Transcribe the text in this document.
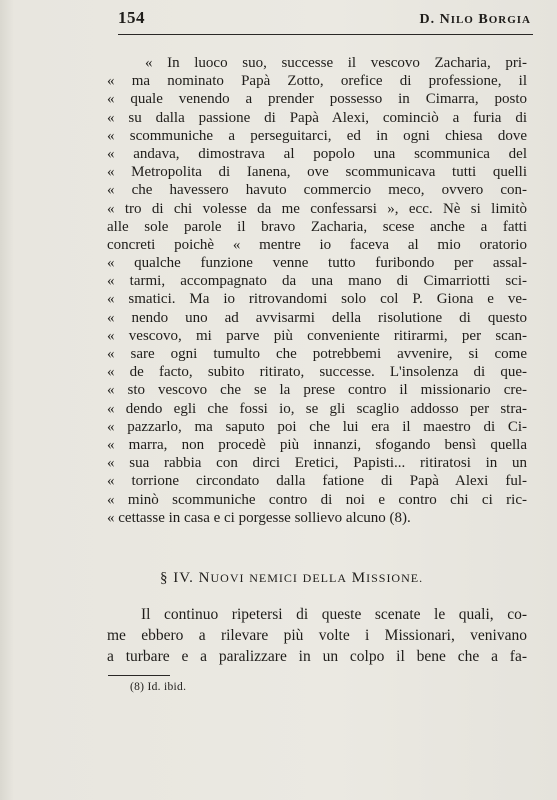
154	D. NILO BORGIA
« In luoco suo, successe il vescovo Zacharia, pri-
« ma nominato Papà Zotto, orefice di professione, il
« quale venendo a prender possesso in Cimarra, posto
« su dalla passione di Papà Alexi, cominciò a furia di
« scommuniche a perseguitarci, ed in ogni chiesa dove
« andava, dimostrava al popolo una scommunica del
« Metropolita di Ianena, ove scommunicava tutti quelli
« che havessero havuto commercio meco, ovvero con-
« tro di chi volesse da me confessarsi », ecc. Nè si limitò
alle sole parole il bravo Zacharia, scese anche a fatti
concreti poichè « mentre io faceva al mio oratorio
« qualche funzione venne tutto furibondo per assal-
« tarmi, accompagnato da una mano di Cimarriotti sci-
« smatici. Ma io ritrovandomi solo col P. Giona e ve-
« nendo uno ad avvisarmi della risolutione di questo
« vescovo, mi parve più conveniente ritirarmi, per scan-
« sare ogni tumulto che potrebbemi avvenire, si come
« de facto, subito ritirato, successe. L'insolenza di que-
« sto vescovo che se la prese contro il missionario cre-
« dendo egli che fossi io, se gli scaglio addosso per stra-
« pazzarlo, ma saputo poi che lui era il maestro di Ci-
« marra, non procedè più innanzi, sfogando bensì quella
« sua rabbia con dirci Eretici, Papisti... ritiratosi in un
« torrione circondato dalla fatione di Papà Alexi ful-
« minò scommuniche contro di noi e contro chi ci ric-
« cettasse in casa e ci porgesse sollievo alcuno (8).
§ IV. NUOVI NEMICI DELLA MISSIONE.
Il continuo ripetersi di queste scenate le quali, co-
me ebbero a rilevare più volte i Missionari, venivano
a turbare e a paralizzare in un colpo il bene che a fa-
(8) Id. ibid.
